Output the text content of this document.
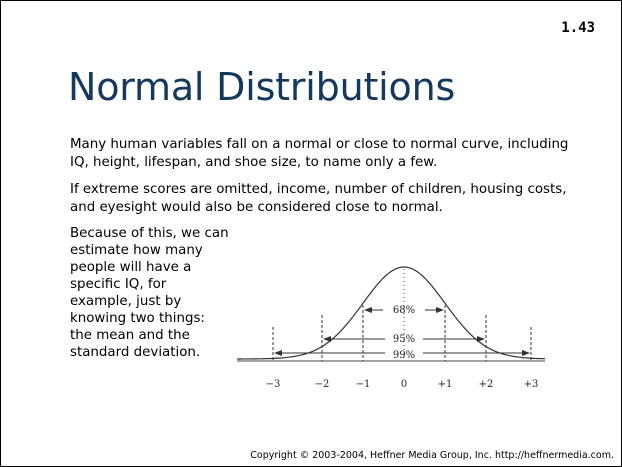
1.43
Normal Distributions

Many human variables fall on a normal or close to normal curve, including IQ, height, lifespan, and shoe size, to name only a few.

If extreme scores are omitted, income, number of children, housing costs, and eyesight would also be considered close to normal.

Because of this, we can estimate how many people will have a specific IQ, for example, just by knowing two things: the mean and the standard deviation.

68%
95%
99%
−3	−2	−1	0	+1	+2	+3
Copyright © 2003-2004, Heffner Media Group, Inc. http://heffnermedia.com.
